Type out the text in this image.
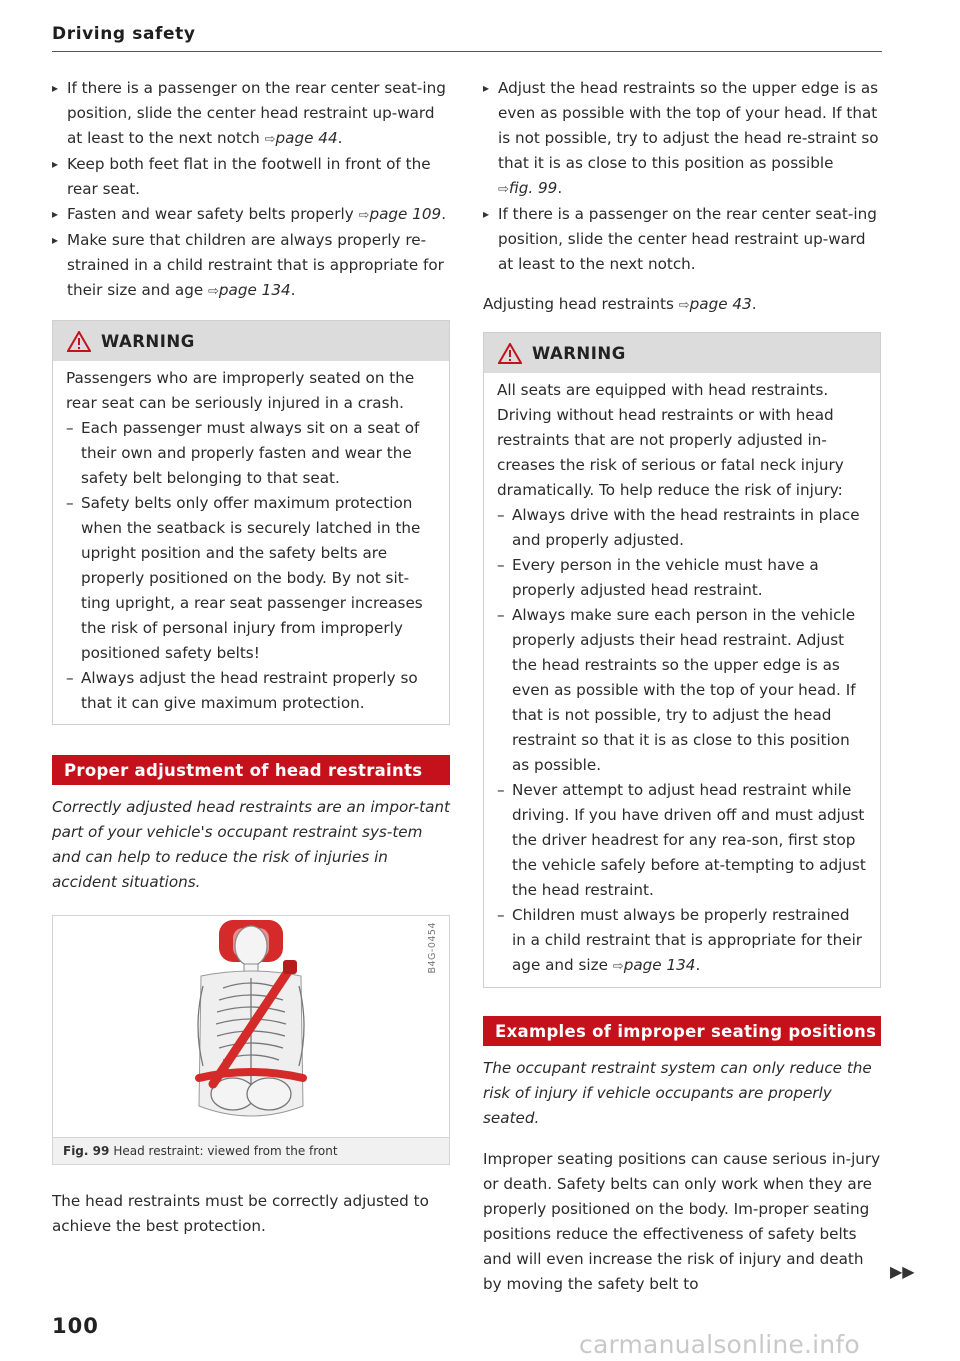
Driving safety
▸ If there is a passenger on the rear center seat-ing position, slide the center head restraint up-ward at least to the next notch ⇨page 44.
▸ Keep both feet flat in the footwell in front of the rear seat.
▸ Fasten and wear safety belts properly ⇨page 109.
▸ Make sure that children are always properly re-strained in a child restraint that is appropriate for their size and age ⇨page 134.
WARNING

Passengers who are improperly seated on the rear seat can be seriously injured in a crash.

– Each passenger must always sit on a seat of their own and properly fasten and wear the safety belt belonging to that seat.
– Safety belts only offer maximum protection when the seatback is securely latched in the upright position and the safety belts are properly positioned on the body. By not sit-ting upright, a rear seat passenger increases the risk of personal injury from improperly positioned safety belts!
– Always adjust the head restraint properly so that it can give maximum protection.
Proper adjustment of head restraints
Correctly adjusted head restraints are an impor-tant part of your vehicle's occupant restraint sys-tem and can help to reduce the risk of injuries in accident situations.
B4G-0454
Fig. 99 Head restraint: viewed from the front

The head restraints must be correctly adjusted to achieve the best protection.

▸ Adjust the head restraints so the upper edge is as even as possible with the top of your head. If that is not possible, try to adjust the head re-straint so that it is as close to this position as possible ⇨fig. 99.
▸ If there is a passenger on the rear center seat-ing position, slide the center head restraint up-ward at least to the next notch.

Adjusting head restraints ⇨page 43.

WARNING

All seats are equipped with head restraints. Driving without head restraints or with head restraints that are not properly adjusted in-creases the risk of serious or fatal neck injury dramatically. To help reduce the risk of injury:

– Always drive with the head restraints in place and properly adjusted.
– Every person in the vehicle must have a properly adjusted head restraint.
– Always make sure each person in the vehicle properly adjusts their head restraint. Adjust the head restraints so the upper edge is as even as possible with the top of your head. If that is not possible, try to adjust the head restraint so that it is as close to this position as possible.
– Never attempt to adjust head restraint while driving. If you have driven off and must adjust the driver headrest for any rea-son, first stop the vehicle safely before at-tempting to adjust the head restraint.
– Children must always be properly restrained in a child restraint that is appropriate for their age and size ⇨page 134.
Examples of improper seating positions
The occupant restraint system can only reduce the risk of injury if vehicle occupants are properly seated.

Improper seating positions can cause serious in-jury or death. Safety belts can only work when they are properly positioned on the body. Im-proper seating positions reduce the effectiveness of safety belts and will even increase the risk of injury and death by moving the safety belt to

▶▶
100
carmanualsonline.info
